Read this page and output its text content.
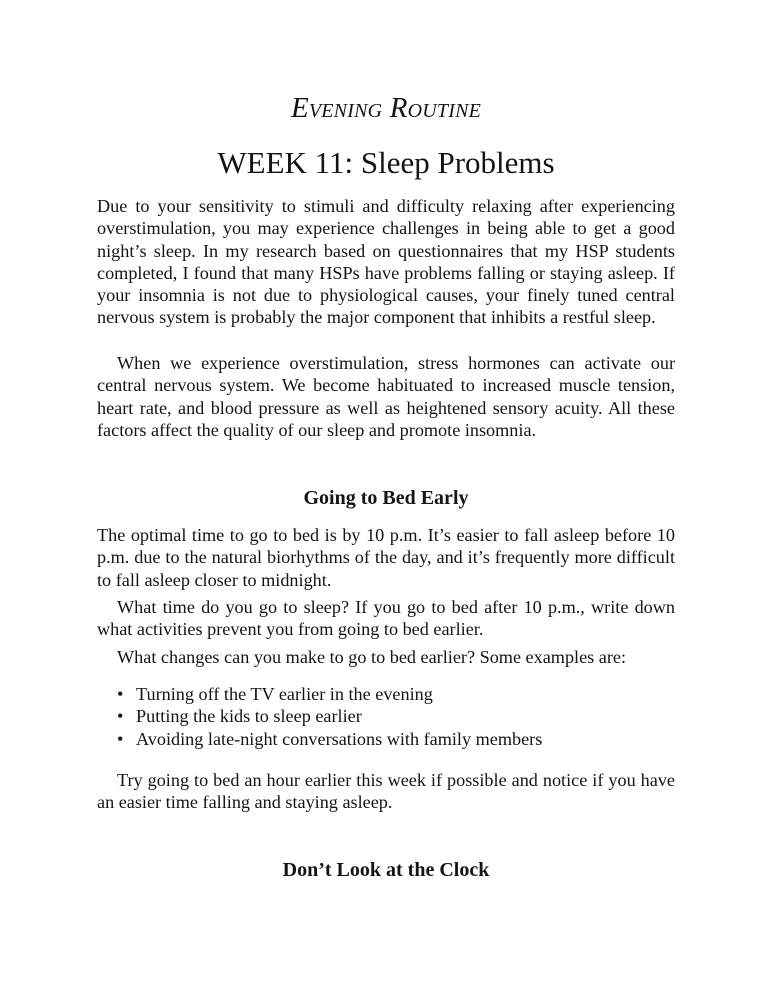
Evening Routine
WEEK 11: Sleep Problems

Due to your sensitivity to stimuli and difficulty relaxing after experiencing overstimulation, you may experience challenges in being able to get a good night’s sleep. In my research based on questionnaires that my HSP students completed, I found that many HSPs have problems falling or staying asleep. If your insomnia is not due to physiological causes, your finely tuned central nervous system is probably the major component that inhibits a restful sleep.

When we experience overstimulation, stress hormones can activate our central nervous system. We become habituated to increased muscle tension, heart rate, and blood pressure as well as heightened sensory acuity. All these factors affect the quality of our sleep and promote insomnia.

Going to Bed Early

The optimal time to go to bed is by 10 p.m. It’s easier to fall asleep before 10 p.m. due to the natural biorhythms of the day, and it’s frequently more difficult to fall asleep closer to midnight.

What time do you go to sleep? If you go to bed after 10 p.m., write down what activities prevent you from going to bed earlier.

What changes can you make to go to bed earlier? Some examples are:

• Turning off the TV earlier in the evening
• Putting the kids to sleep earlier
• Avoiding late-night conversations with family members

Try going to bed an hour earlier this week if possible and notice if you have an easier time falling and staying asleep.

Don’t Look at the Clock
